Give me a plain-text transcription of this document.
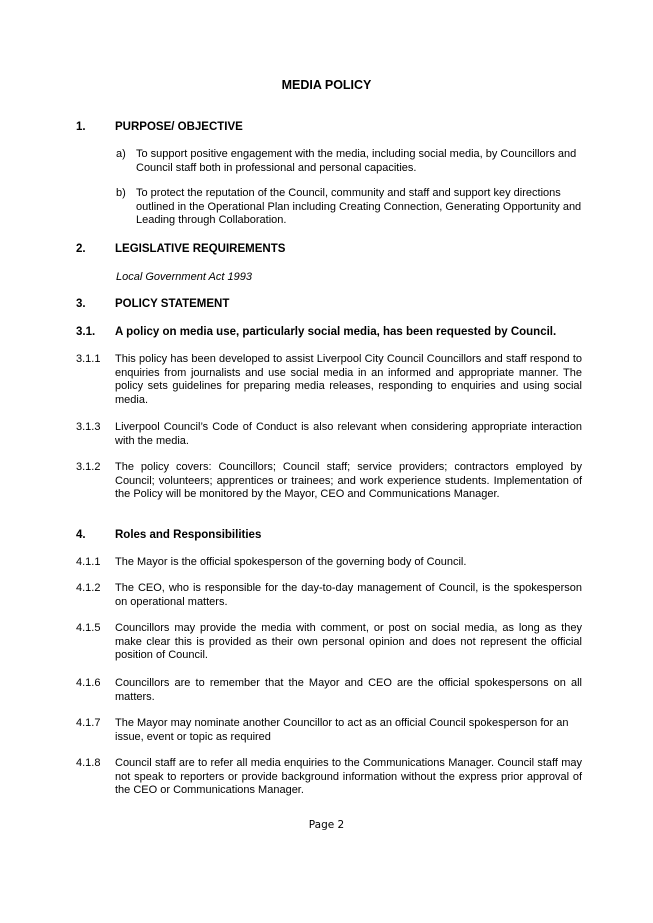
MEDIA POLICY
1.	PURPOSE/ OBJECTIVE
a) To support positive engagement with the media, including social media, by Councillors and Council staff both in professional and personal capacities.
b) To protect the reputation of the Council, community and staff and support key directions outlined in the Operational Plan including Creating Connection, Generating Opportunity and Leading through Collaboration.
2.	LEGISLATIVE REQUIREMENTS
Local Government Act 1993
3.	POLICY STATEMENT
3.1. A policy on media use, particularly social media, has been requested by Council.
3.1.1 This policy has been developed to assist Liverpool City Council Councillors and staff respond to enquiries from journalists and use social media in an informed and appropriate manner. The policy sets guidelines for preparing media releases, responding to enquiries and using social media.
3.1.3 Liverpool Council’s Code of Conduct is also relevant when considering appropriate interaction with the media.
3.1.2 The policy covers: Councillors; Council staff; service providers; contractors employed by Council; volunteers; apprentices or trainees; and work experience students. Implementation of the Policy will be monitored by the Mayor, CEO and Communications Manager.
4.	Roles and Responsibilities
4.1.1 The Mayor is the official spokesperson of the governing body of Council.
4.1.2 The CEO, who is responsible for the day-to-day management of Council, is the spokesperson on operational matters.
4.1.5 Councillors may provide the media with comment, or post on social media, as long as they make clear this is provided as their own personal opinion and does not represent the official position of Council.
4.1.6 Councillors are to remember that the Mayor and CEO are the official spokespersons on all matters.
4.1.7 The Mayor may nominate another Councillor to act as an official Council spokesperson for an issue, event or topic as required
4.1.8 Council staff are to refer all media enquiries to the Communications Manager. Council staff may not speak to reporters or provide background information without the express prior approval of the CEO or Communications Manager.
Page 2
